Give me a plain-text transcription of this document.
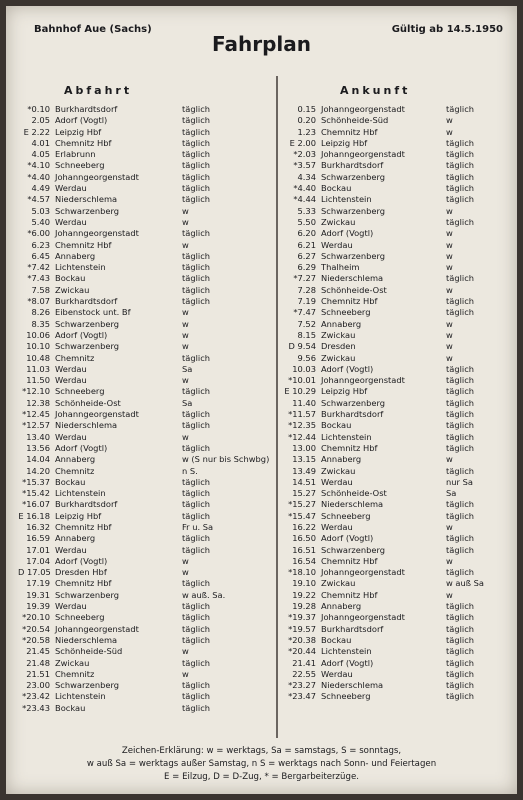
Bahnhof Aue (Sachs)	Gültig ab 14.5.1950
Fahrplan
Abfahrt	Ankunft
*0.10 Burkhardtsdorf	täglich
2.05 Adorf (Vogtl)	täglich
E 2.22 Leipzig Hbf	täglich
4.01 Chemnitz Hbf	täglich
4.05 Erlabrunn	täglich
*4.10 Schneeberg	täglich
*4.40 Johanngeorgenstadt	täglich
4.49 Werdau	täglich
*4.57 Niederschlema	täglich
5.03 Schwarzenberg	w
5.40 Werdau	w
*6.00 Johanngeorgenstadt	täglich
6.23 Chemnitz Hbf	w
6.45 Annaberg	täglich
*7.42 Lichtenstein	täglich
*7.43 Bockau	täglich
7.58 Zwickau	täglich
*8.07 Burkhardtsdorf	täglich
8.26 Eibenstock unt. Bf	w
8.35 Schwarzenberg	w
10.06 Adorf (Vogtl)	w
10.10 Schwarzenberg	w
10.48 Chemnitz	täglich
11.03 Werdau	Sa
11.50 Werdau	w
*12.10 Schneeberg	täglich
12.38 Schönheide-Ost	Sa
*12.45 Johanngeorgenstadt	täglich
*12.57 Niederschlema	täglich
13.40 Werdau	w
13.56 Adorf (Vogtl)	täglich
14.04 Annaberg	w (S nur bis Schwbg)
14.20 Chemnitz	n S.
*15.37 Bockau	täglich
*15.42 Lichtenstein	täglich
*16.07 Burkhardtsdorf	täglich
E 16.18 Leipzig Hbf	täglich
16.32 Chemnitz Hbf	Fr u. Sa
16.59 Annaberg	täglich
17.01 Werdau	täglich
17.04 Adorf (Vogtl)	w
D 17.05 Dresden Hbf	w
17.19 Chemnitz Hbf	täglich
19.31 Schwarzenberg	w auß. Sa.
19.39 Werdau	täglich
*20.10 Schneeberg	täglich
*20.54 Johanngeorgenstadt	täglich
*20.58 Niederschlema	täglich
21.45 Schönheide-Süd	w
21.48 Zwickau	täglich
21.51 Chemnitz	w
23.00 Schwarzenberg	täglich
*23.42 Lichtenstein	täglich
*23.43 Bockau	täglich
0.15 Johanngeorgenstadt	täglich
0.20 Schönheide-Süd	w
1.23 Chemnitz Hbf	w
E 2.00 Leipzig Hbf	täglich
*2.03 Johanngeorgenstadt	täglich
*3.57 Burkhardtsdorf	täglich
4.34 Schwarzenberg	täglich
*4.40 Bockau	täglich
*4.44 Lichtenstein	täglich
5.33 Schwarzenberg	w
5.50 Zwickau	täglich
6.20 Adorf (Vogtl)	w
6.21 Werdau	w
6.27 Schwarzenberg	w
6.29 Thalheim	w
*7.27 Niederschlema	täglich
7.28 Schönheide-Ost	w
7.19 Chemnitz Hbf	täglich
*7.47 Schneeberg	täglich
7.52 Annaberg	w
8.15 Zwickau	w
D 9.54 Dresden	w
9.56 Zwickau	w
10.03 Adorf (Vogtl)	täglich
*10.01 Johanngeorgenstadt	täglich
E 10.29 Leipzig Hbf	täglich
11.40 Schwarzenberg	täglich
*11.57 Burkhardtsdorf	täglich
*12.35 Bockau	täglich
*12.44 Lichtenstein	täglich
13.00 Chemnitz Hbf	täglich
13.15 Annaberg	w
13.49 Zwickau	täglich
14.51 Werdau	nur Sa
15.27 Schönheide-Ost	Sa
*15.27 Niederschlema	täglich
*15.47 Schneeberg	täglich
16.22 Werdau	w
16.50 Adorf (Vogtl)	täglich
16.51 Schwarzenberg	täglich
16.54 Chemnitz Hbf	w
*18.10 Johanngeorgenstadt	täglich
19.10 Zwickau	w auß Sa
19.22 Chemnitz Hbf	w
19.28 Annaberg	täglich
*19.37 Johanngeorgenstadt	täglich
*19.57 Burkhardtsdorf	täglich
*20.38 Bockau	täglich
*20.44 Lichtenstein	täglich
21.41 Adorf (Vogtl)	täglich
22.55 Werdau	täglich
*23.27 Niederschlema	täglich
*23.47 Schneeberg	täglich
Zeichen-Erklärung: w = werktags, Sa = samstags, S = sonntags,
w auß Sa = werktags außer Samstag, n S = werktags nach Sonn- und Feiertagen
E = Eilzug, D = D-Zug, * = Bergarbeiterzüge.
